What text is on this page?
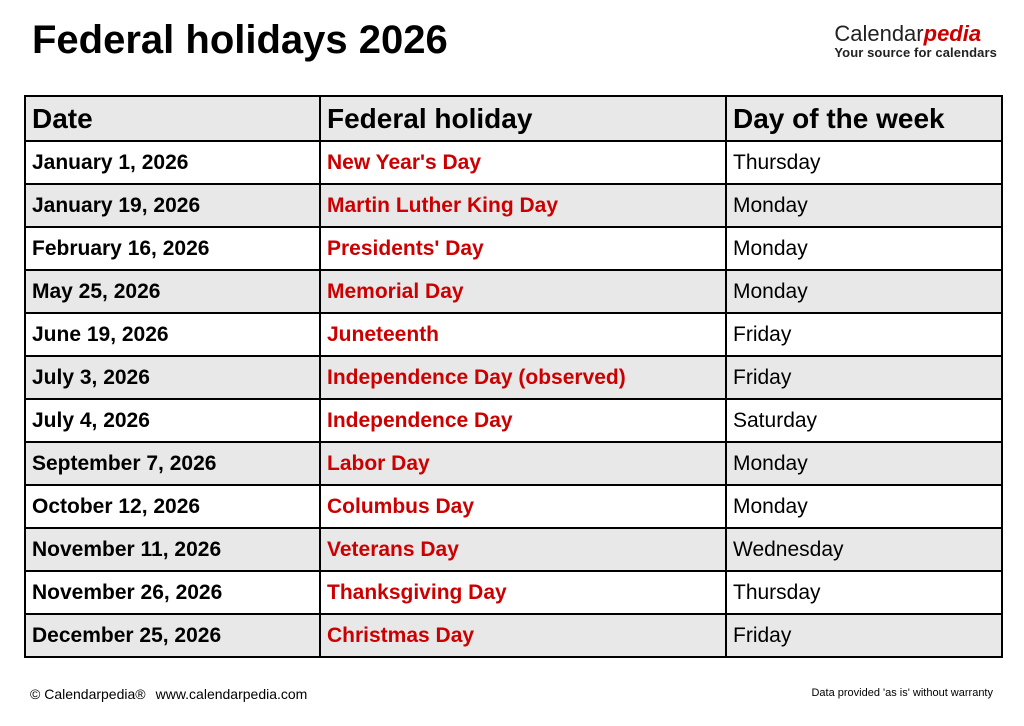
Federal holidays 2026	Calendarpedia
Your source for calendars
Date	Federal holiday	Day of the week
January 1, 2026	New Year's Day	Thursday
January 19, 2026	Martin Luther King Day	Monday
February 16, 2026	Presidents' Day	Monday
May 25, 2026	Memorial Day	Monday
June 19, 2026	Juneteenth	Friday
July 3, 2026	Independence Day (observed)	Friday
July 4, 2026	Independence Day	Saturday
September 7, 2026	Labor Day	Monday
October 12, 2026	Columbus Day	Monday
November 11, 2026	Veterans Day	Wednesday
November 26, 2026	Thanksgiving Day	Thursday
December 25, 2026	Christmas Day	Friday
© Calendarpedia® www.calendarpedia.com	Data provided 'as is' without warranty
